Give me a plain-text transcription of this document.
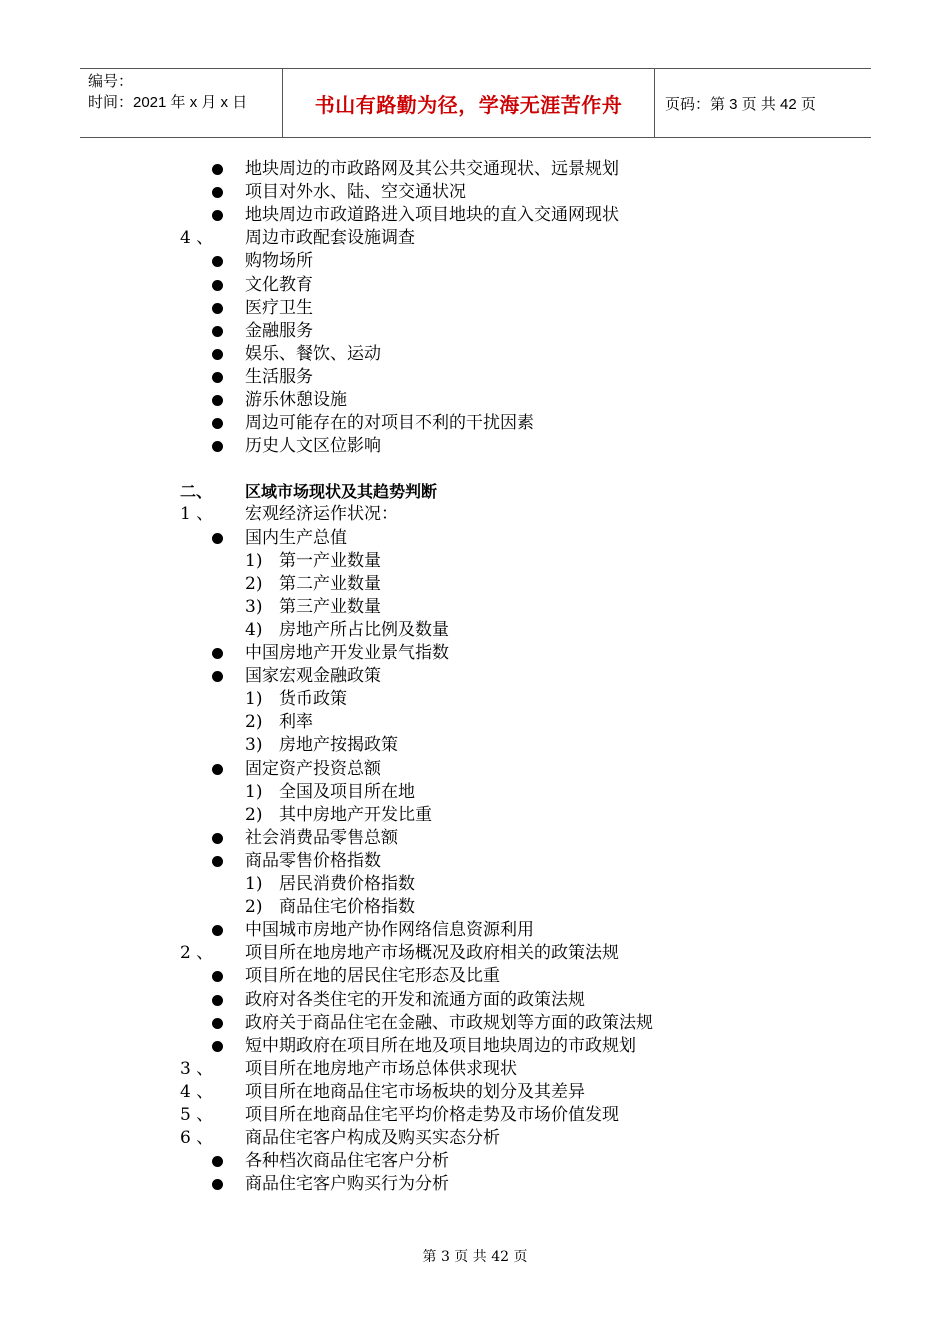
编号：
时间：2021 年 x 月 x 日	书山有路勤为径，学海无涯苦作舟	页码：第 3 页 共 42 页
地块周边的市政路网及其公共交通现状、远景规划
项目对外水、陆、空交通状况
地块周边市政道路进入项目地块的直入交通网现状
4 、 周边市政配套设施调查
购物场所
文化教育
医疗卫生
金融服务
娱乐、餐饮、运动
生活服务
游乐休憩设施
周边可能存在的对项目不利的干扰因素
历史人文区位影响
二、 区域市场现状及其趋势判断
1 、 宏观经济运作状况：
国内生产总值
1) 第一产业数量
2) 第二产业数量
3) 第三产业数量
4) 房地产所占比例及数量
中国房地产开发业景气指数
国家宏观金融政策
1) 货币政策
2) 利率
3) 房地产按揭政策
固定资产投资总额
1) 全国及项目所在地
2) 其中房地产开发比重
社会消费品零售总额
商品零售价格指数
1) 居民消费价格指数
2) 商品住宅价格指数
中国城市房地产协作网络信息资源利用
2 、 项目所在地房地产市场概况及政府相关的政策法规
项目所在地的居民住宅形态及比重
政府对各类住宅的开发和流通方面的政策法规
政府关于商品住宅在金融、市政规划等方面的政策法规
短中期政府在项目所在地及项目地块周边的市政规划
3 、 项目所在地房地产市场总体供求现状
4 、 项目所在地商品住宅市场板块的划分及其差异
5 、 项目所在地商品住宅平均价格走势及市场价值发现
6 、 商品住宅客户构成及购买实态分析
各种档次商品住宅客户分析
商品住宅客户购买行为分析
第 3 页 共 42 页
